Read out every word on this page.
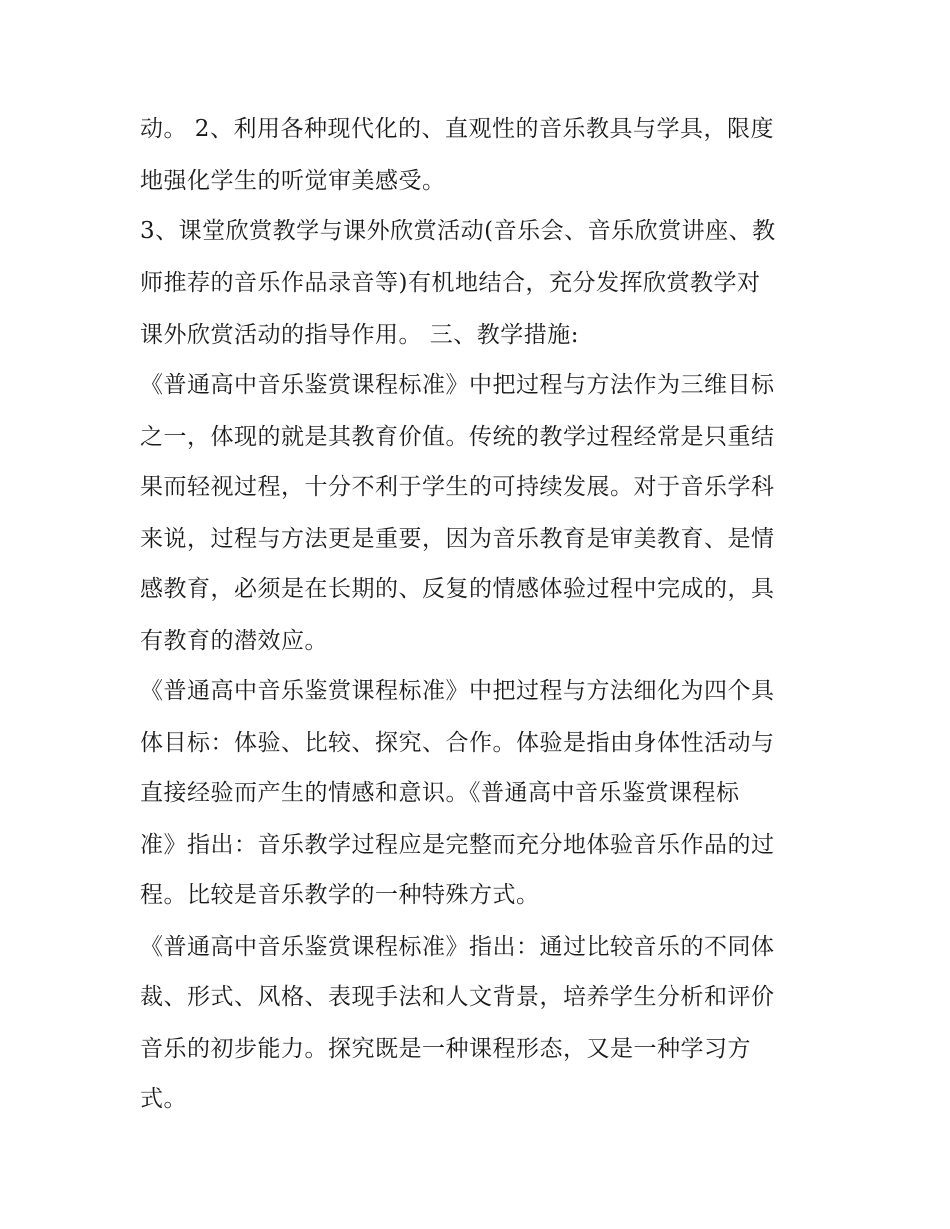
动。 2、利用各种现代化的、直观性的音乐教具与学具，限度
地强化学生的听觉审美感受。
3、课堂欣赏教学与课外欣赏活动(音乐会、音乐欣赏讲座、教
师推荐的音乐作品录音等)有机地结合，充分发挥欣赏教学对
课外欣赏活动的指导作用。 三、教学措施:
《普通高中音乐鉴赏课程标准》中把过程与方法作为三维目标
之一，体现的就是其教育价值。传统的教学过程经常是只重结
果而轻视过程，十分不利于学生的可持续发展。对于音乐学科
来说，过程与方法更是重要，因为音乐教育是审美教育、是情
感教育，必须是在长期的、反复的情感体验过程中完成的，具
有教育的潜效应。
《普通高中音乐鉴赏课程标准》中把过程与方法细化为四个具
体目标：体验、比较、探究、合作。体验是指由身体性活动与
直接经验而产生的情感和意识。《普通高中音乐鉴赏课程标
准》指出：音乐教学过程应是完整而充分地体验音乐作品的过
程。比较是音乐教学的一种特殊方式。
《普通高中音乐鉴赏课程标准》指出：通过比较音乐的不同体
裁、形式、风格、表现手法和人文背景，培养学生分析和评价
音乐的初步能力。探究既是一种课程形态，又是一种学习方
式。
